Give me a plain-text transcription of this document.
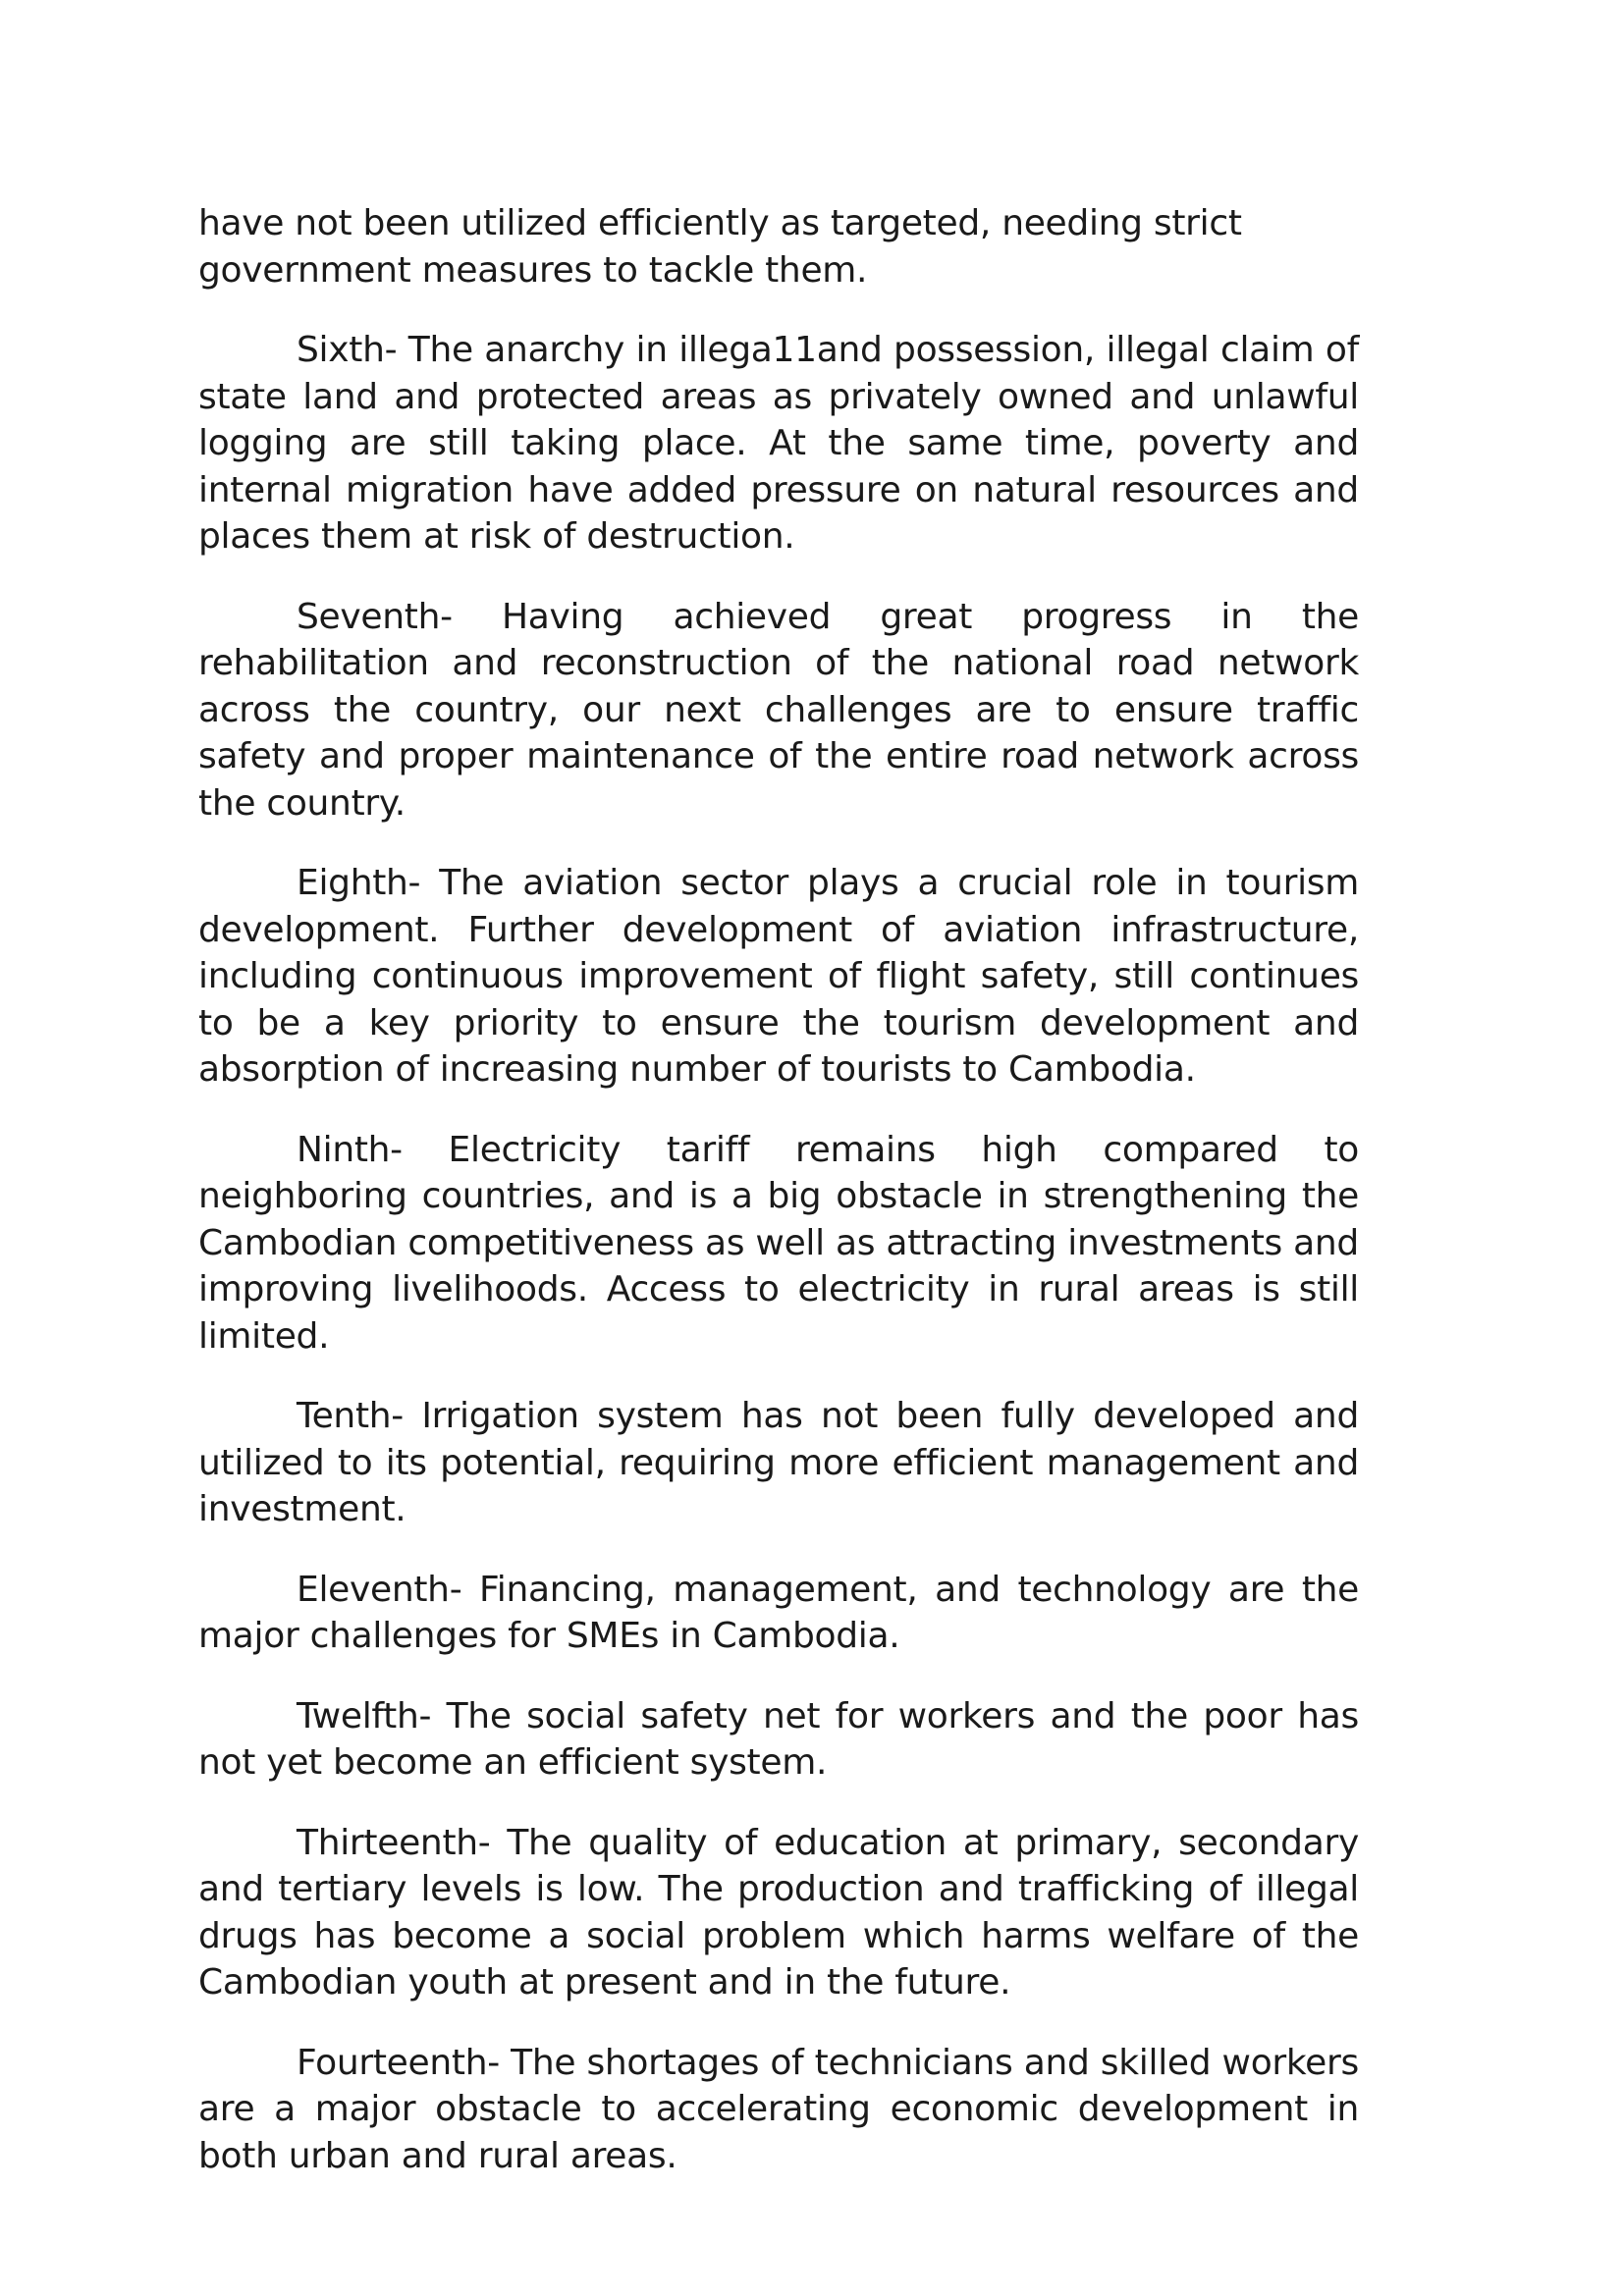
have not been utilized efficiently as targeted, needing strict government measures to tackle them.

Sixth- The anarchy in illega11and possession, illegal claim of state land and protected areas as privately owned and unlawful logging are still taking place. At the same time, poverty and internal migration have added pressure on natural resources and places them at risk of destruction.

Seventh- Having achieved great progress in the rehabilitation and reconstruction of the national road network across the country, our next challenges are to ensure traffic safety and proper maintenance of the entire road network across the country.

Eighth- The aviation sector plays a crucial role in tourism development. Further development of aviation infrastructure, including continuous improvement of flight safety, still continues to be a key priority to ensure the tourism development and absorption of increasing number of tourists to Cambodia.

Ninth- Electricity tariff remains high compared to neighboring countries, and is a big obstacle in strengthening the Cambodian competitiveness as well as attracting investments and improving livelihoods. Access to electricity in rural areas is still limited.

Tenth- Irrigation system has not been fully developed and utilized to its potential, requiring more efficient management and investment.

Eleventh- Financing, management, and technology are the major challenges for SMEs in Cambodia.

Twelfth- The social safety net for workers and the poor has not yet become an efficient system.

Thirteenth- The quality of education at primary, secondary and tertiary levels is low. The production and trafficking of illegal drugs has become a social problem which harms welfare of the Cambodian youth at present and in the future.

Fourteenth- The shortages of technicians and skilled workers are a major obstacle to accelerating economic development in both urban and rural areas.
